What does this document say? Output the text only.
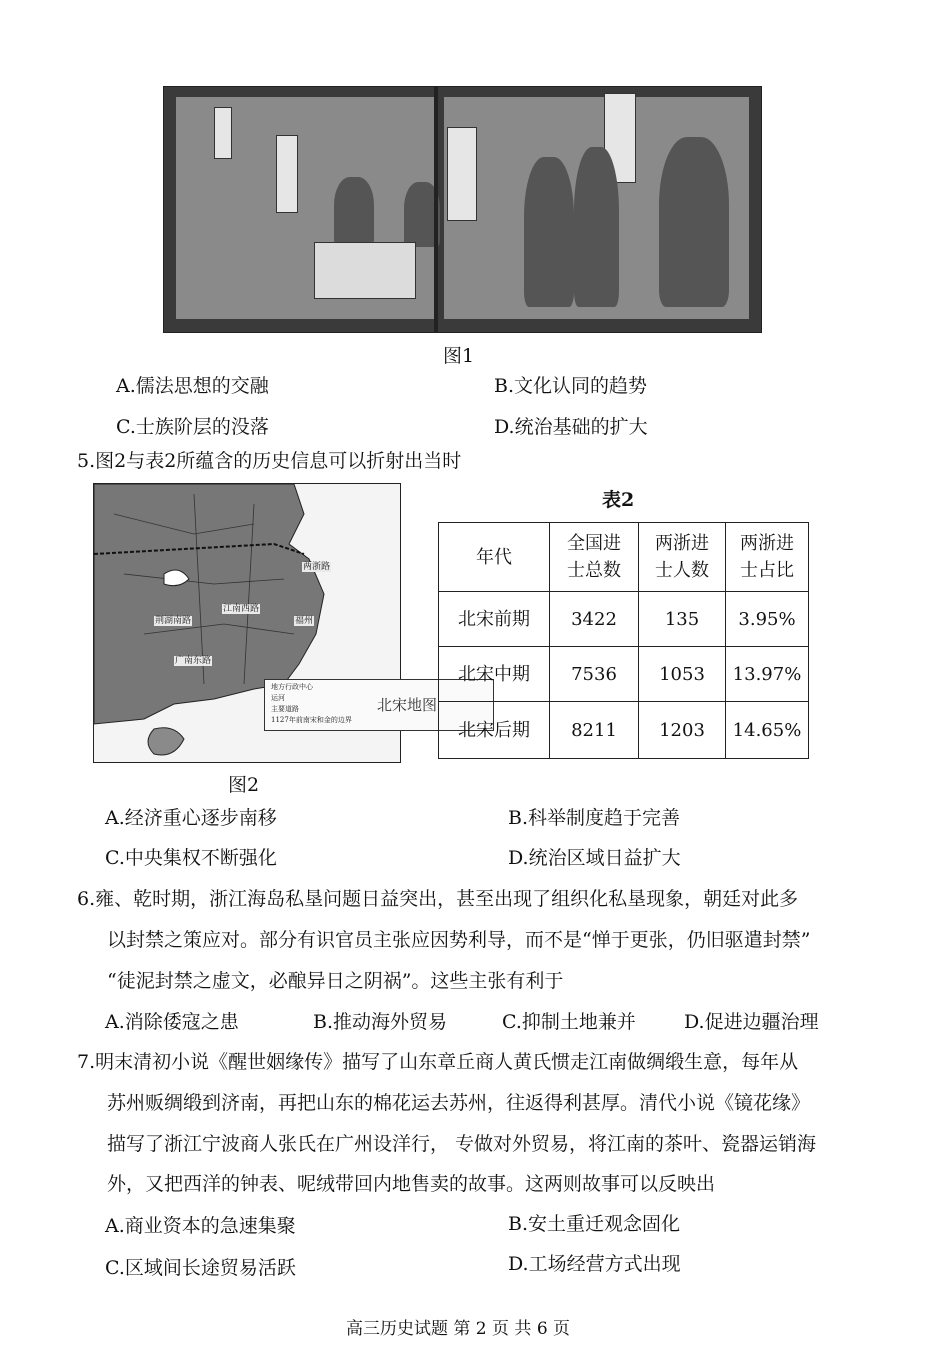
图1
A.儒法思想的交融	B.文化认同的趋势
C.士族阶层的没落	D.统治基础的扩大
5.图2与表2所蕴含的历史信息可以折射出当时
两浙路
江南西路
荆湖南路
广南东路
福州
地方行政中心
运河
主要道路
1127年前南宋和金的边界
北宋地图
图2
表2
年代	全国进士总数	两浙进士人数	两浙进士占比

北宋前期	3422	135	3.95%
北宋中期	7536	1053	13.97%
北宋后期	8211	1203	14.65%
A.经济重心逐步南移	B.科举制度趋于完善
C.中央集权不断强化	D.统治区域日益扩大
6.雍、乾时期，浙江海岛私垦问题日益突出，甚至出现了组织化私垦现象，朝廷对此多
以封禁之策应对。部分有识官员主张应因势利导，而不是“惮于更张，仍旧驱遣封禁”
“徒泥封禁之虚文，必酿异日之阴祸”。这些主张有利于
A.消除倭寇之患	B.推动海外贸易	C.抑制土地兼并	D.促进边疆治理
7.明末清初小说《醒世姻缘传》描写了山东章丘商人黄氏惯走江南做绸缎生意，每年从
苏州贩绸缎到济南，再把山东的棉花运去苏州，往返得利甚厚。清代小说《镜花缘》
描写了浙江宁波商人张氏在广州设洋行， 专做对外贸易，将江南的茶叶、瓷器运销海
外，又把西洋的钟表、呢绒带回内地售卖的故事。这两则故事可以反映出
A.商业资本的急速集聚	B.安土重迁观念固化
C.区域间长途贸易活跃	D.工场经营方式出现
高三历史试题 第 2 页 共 6 页
